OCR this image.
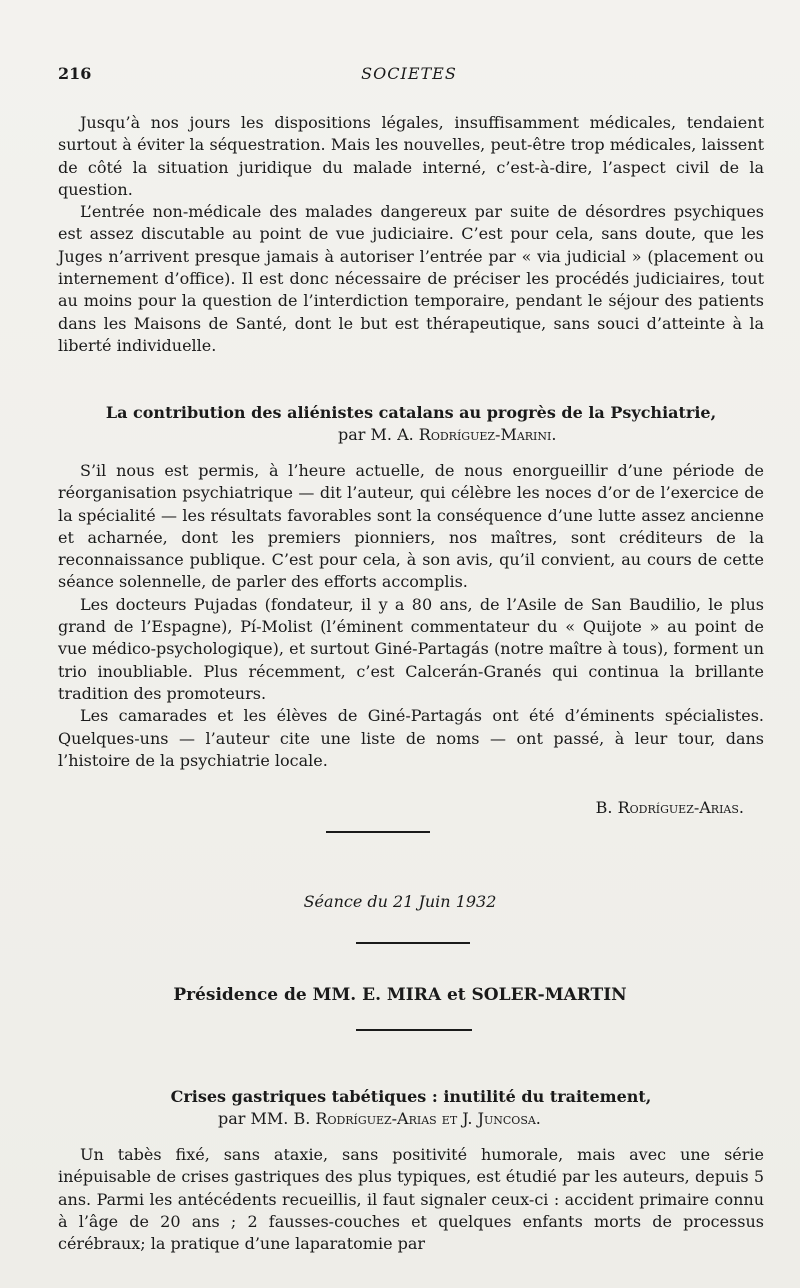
216	SOCIETES

Jusqu’à nos jours les dispositions légales, insuffisamment médicales, tendaient surtout à éviter la séquestration. Mais les nouvelles, peut-être trop médicales, laissent de côté la situation juridique du malade interné, c’est-à-dire, l’aspect civil de la question.

L’entrée non-médicale des malades dangereux par suite de désordres psychiques est assez discutable au point de vue judiciaire. C’est pour cela, sans doute, que les Juges n’arrivent presque jamais à autoriser l’entrée par « via judicial » (placement ou internement d’office). Il est donc nécessaire de préciser les procédés judiciaires, tout au moins pour la question de l’interdiction temporaire, pendant le séjour des patients dans les Maisons de Santé, dont le but est thérapeutique, sans souci d’atteinte à la liberté individuelle.

La contribution des aliénistes catalans au progrès de la Psychiatrie,
par M. A. Rodríguez-Marini.

S’il nous est permis, à l’heure actuelle, de nous enorgueillir d’une période de réorganisation psychiatrique — dit l’auteur, qui célèbre les noces d’or de l’exercice de la spécialité — les résultats favorables sont la conséquence d’une lutte assez ancienne et acharnée, dont les premiers pionniers, nos maîtres, sont créditeurs de la reconnaissance publique. C’est pour cela, à son avis, qu’il convient, au cours de cette séance solennelle, de parler des efforts accomplis.

Les docteurs Pujadas (fondateur, il y a 80 ans, de l’Asile de San Baudilio, le plus grand de l’Espagne), Pí-Molist (l’éminent commentateur du « Quijote » au point de vue médico-psychologique), et surtout Giné-Partagás (notre maître à tous), forment un trio inoubliable. Plus récemment, c’est Calcerán-Granés qui continua la brillante tradition des promoteurs.

Les camarades et les élèves de Giné-Partagás ont été d’éminents spécialistes. Quelques-uns — l’auteur cite une liste de noms — ont passé, à leur tour, dans l’histoire de la psychiatrie locale.

B. Rodríguez-Arias.
Séance du 21 Juin 1932
Présidence de MM. E. MIRA et SOLER-MARTIN
Crises gastriques tabétiques : inutilité du traitement,
par MM. B. Rodríguez-Arias et J. Juncosa.

Un tabès fixé, sans ataxie, sans positivité humorale, mais avec une série inépuisable de crises gastriques des plus typiques, est étudié par les auteurs, depuis 5 ans. Parmi les antécédents recueillis, il faut signaler ceux-ci : accident primaire connu à l’âge de 20 ans ; 2 fausses-couches et quelques enfants morts de processus cérébraux; la pratique d’une laparatomie par
